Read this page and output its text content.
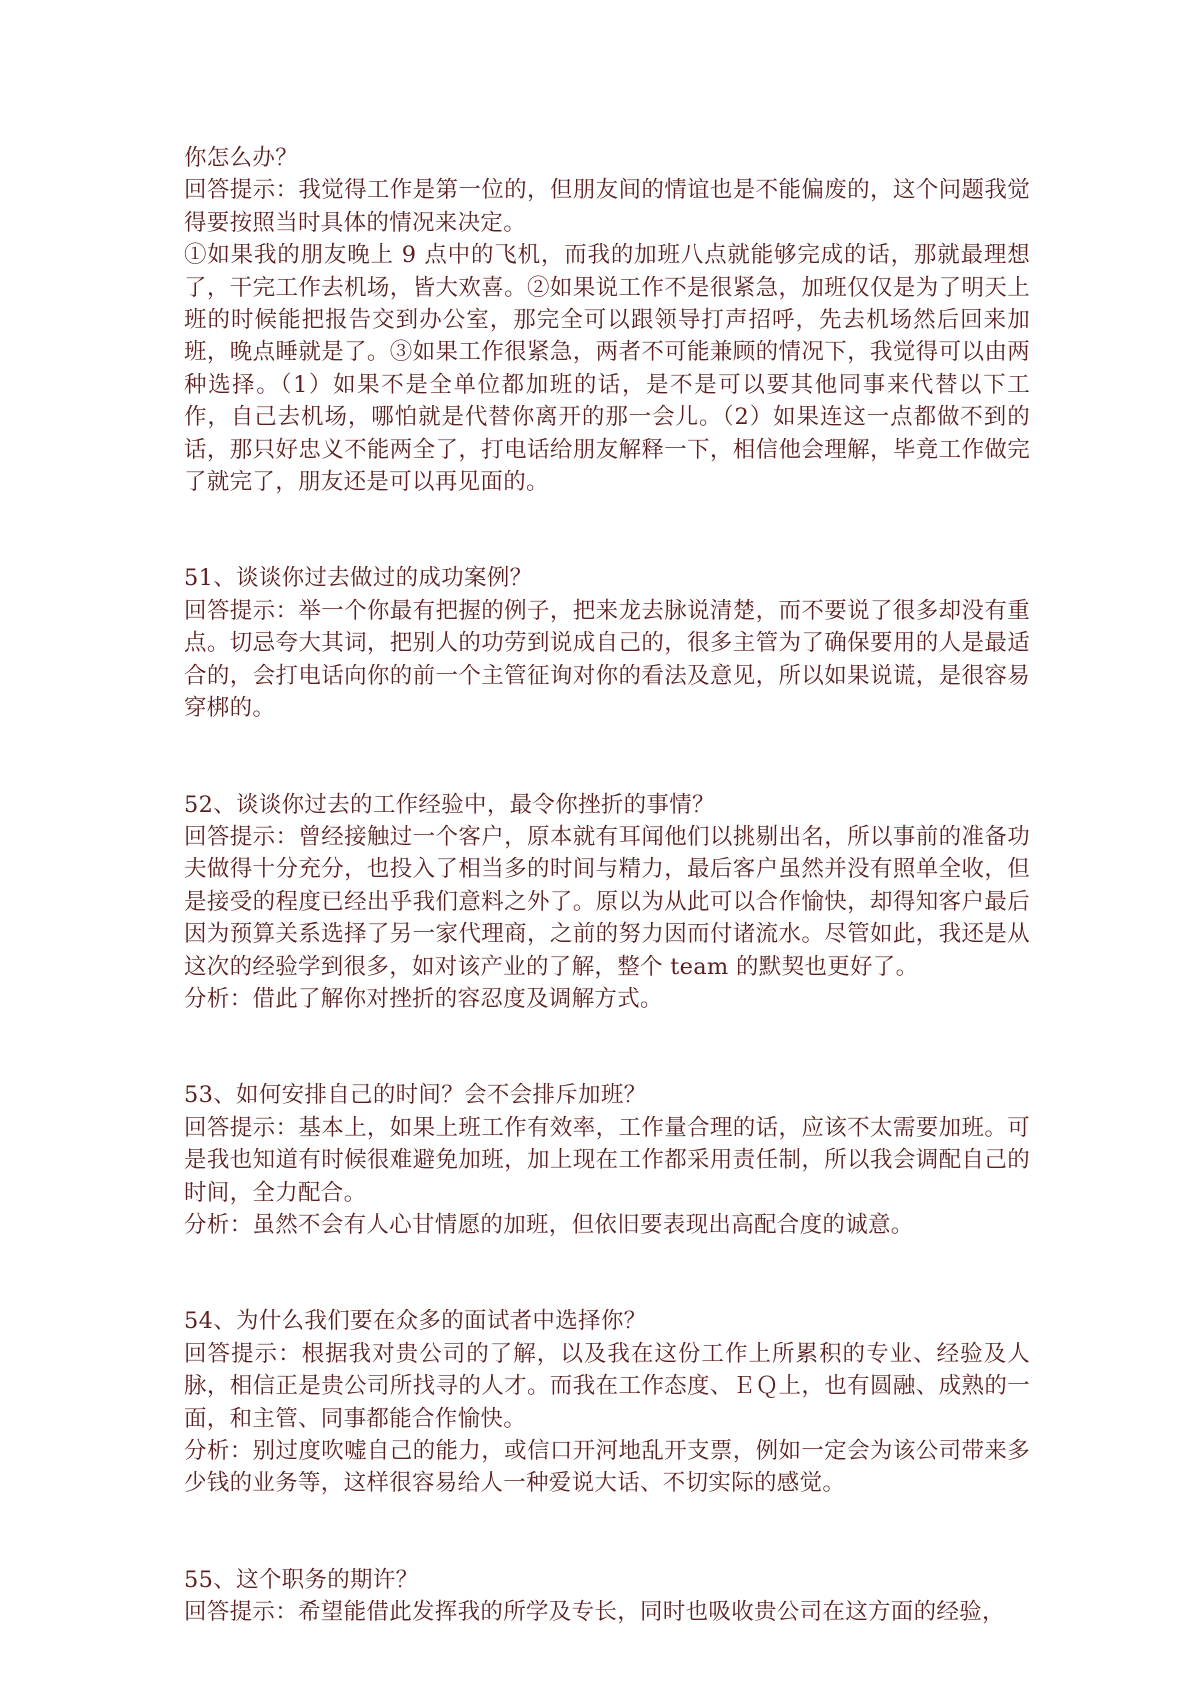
你怎么办？

回答提示：我觉得工作是第一位的，但朋友间的情谊也是不能偏废的，这个问题我觉得要按照当时具体的情况来决定。

①如果我的朋友晚上 9 点中的飞机，而我的加班八点就能够完成的话，那就最理想了，干完工作去机场，皆大欢喜。②如果说工作不是很紧急，加班仅仅是为了明天上班的时候能把报告交到办公室，那完全可以跟领导打声招呼，先去机场然后回来加班，晚点睡就是了。③如果工作很紧急，两者不可能兼顾的情况下，我觉得可以由两种选择。（1）如果不是全单位都加班的话，是不是可以要其他同事来代替以下工作，自己去机场，哪怕就是代替你离开的那一会儿。（2）如果连这一点都做不到的话，那只好忠义不能两全了，打电话给朋友解释一下，相信他会理解，毕竟工作做完了就完了，朋友还是可以再见面的。

51、谈谈你过去做过的成功案例？

回答提示：举一个你最有把握的例子，把来龙去脉说清楚，而不要说了很多却没有重点。切忌夸大其词，把别人的功劳到说成自己的，很多主管为了确保要用的人是最适合的，会打电话向你的前一个主管征询对你的看法及意见，所以如果说谎，是很容易穿梆的。

52、谈谈你过去的工作经验中，最令你挫折的事情？

回答提示：曾经接触过一个客户，原本就有耳闻他们以挑剔出名，所以事前的准备功夫做得十分充分，也投入了相当多的时间与精力，最后客户虽然并没有照单全收，但是接受的程度已经出乎我们意料之外了。原以为从此可以合作愉快，却得知客户最后因为预算关系选择了另一家代理商，之前的努力因而付诸流水。尽管如此，我还是从这次的经验学到很多，如对该产业的了解，整个 team 的默契也更好了。

分析：借此了解你对挫折的容忍度及调解方式。

53、如何安排自己的时间？会不会排斥加班？

回答提示：基本上，如果上班工作有效率，工作量合理的话，应该不太需要加班。可是我也知道有时候很难避免加班，加上现在工作都采用责任制，所以我会调配自己的时间，全力配合。

分析：虽然不会有人心甘情愿的加班，但依旧要表现出高配合度的诚意。

54、为什么我们要在众多的面试者中选择你？

回答提示：根据我对贵公司的了解，以及我在这份工作上所累积的专业、经验及人脉，相信正是贵公司所找寻的人才。而我在工作态度、ＥＱ上，也有圆融、成熟的一面，和主管、同事都能合作愉快。

分析：别过度吹嘘自己的能力，或信口开河地乱开支票，例如一定会为该公司带来多少钱的业务等，这样很容易给人一种爱说大话、不切实际的感觉。

55、这个职务的期许？

回答提示：希望能借此发挥我的所学及专长，同时也吸收贵公司在这方面的经验，
